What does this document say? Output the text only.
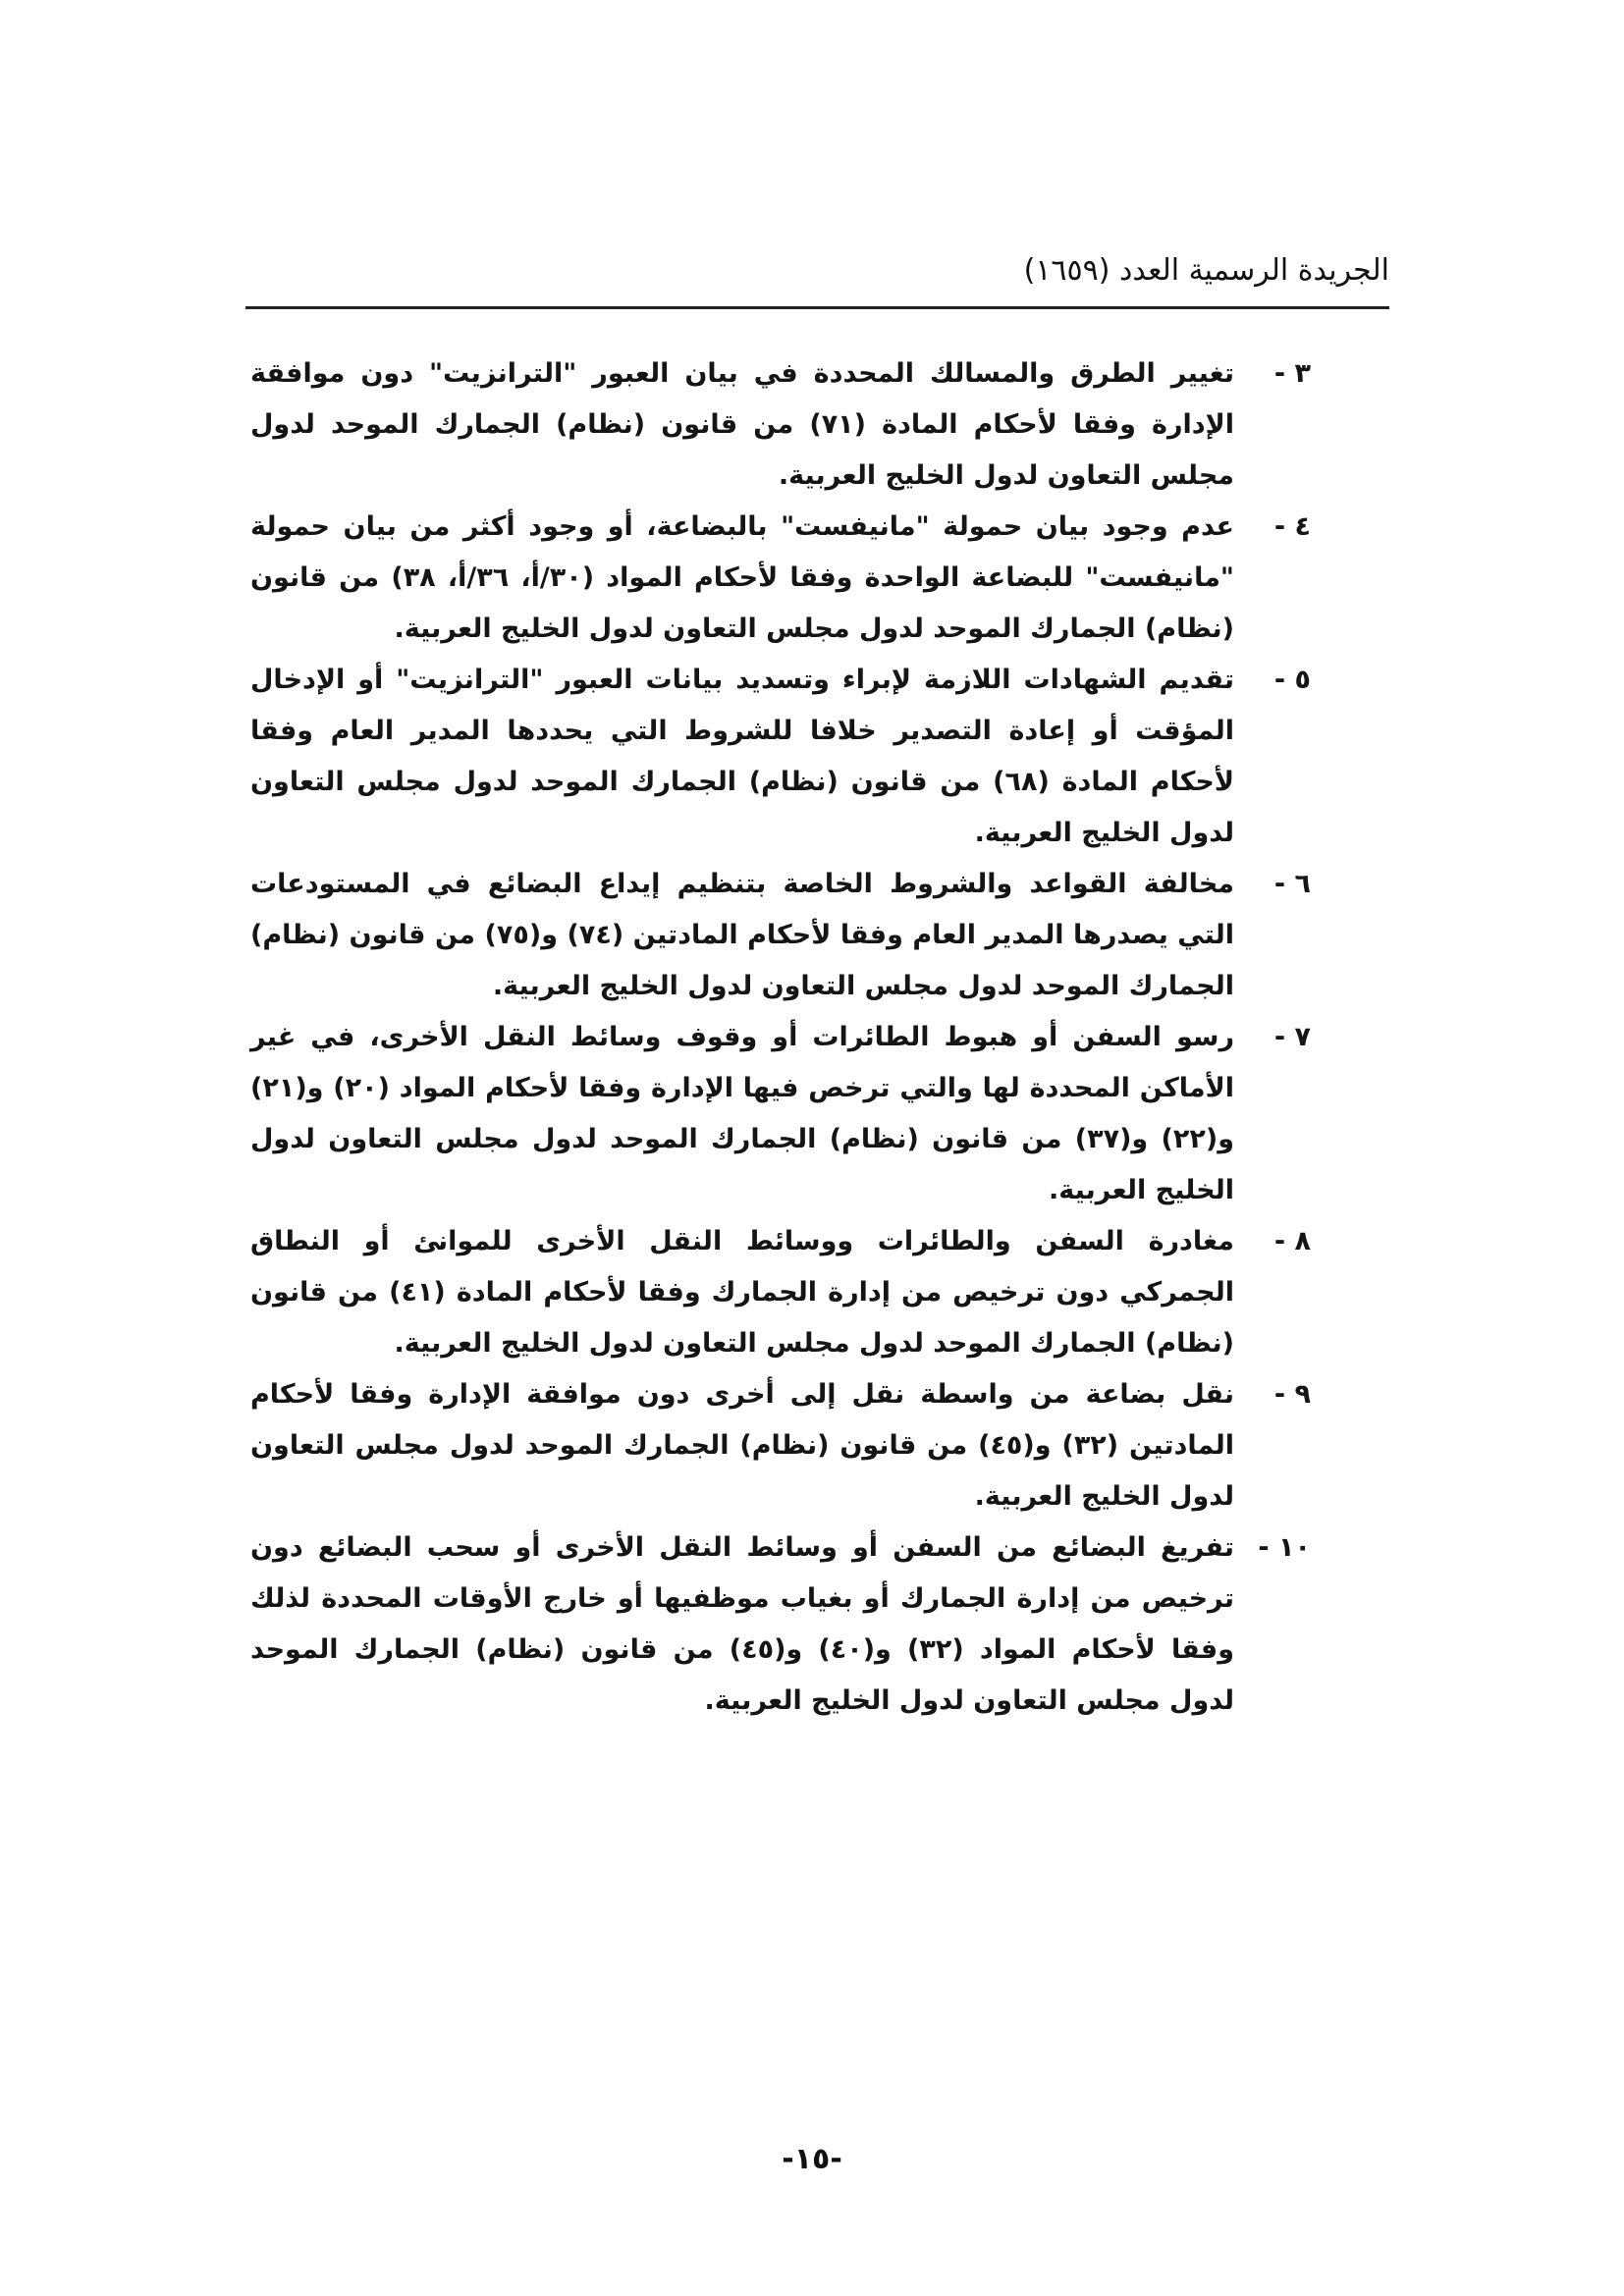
الجريدة الرسمية العدد (١٦٥٩)
٣ -
تغيير الطرق والمسالك المحددة في بيان العبور "الترانزيت" دون موافقة الإدارة وفقا لأحكام المادة (٧١) من قانون (نظام) الجمارك الموحد لدول مجلس التعاون لدول الخليج العربية.
٤ -
عدم وجود بيان حمولة "مانيفست" بالبضاعة، أو وجود أكثر من بيان حمولة "مانيفست" للبضاعة الواحدة وفقا لأحكام المواد (٣٠/أ، ٣٦/أ، ٣٨) من قانون (نظام) الجمارك الموحد لدول مجلس التعاون لدول الخليج العربية.
٥ -
تقديم الشهادات اللازمة لإبراء وتسديد بيانات العبور "الترانزيت" أو الإدخال المؤقت أو إعادة التصدير خلافا للشروط التي يحددها المدير العام وفقا لأحكام المادة (٦٨) من قانون (نظام) الجمارك الموحد لدول مجلس التعاون لدول الخليج العربية.
٦ -
مخالفة القواعد والشروط الخاصة بتنظيم إيداع البضائع في المستودعات التي يصدرها المدير العام وفقا لأحكام المادتين (٧٤) و(٧٥) من قانون (نظام) الجمارك الموحد لدول مجلس التعاون لدول الخليج العربية.
٧ -
رسو السفن أو هبوط الطائرات أو وقوف وسائط النقل الأخرى، في غير الأماكن المحددة لها والتي ترخص فيها الإدارة وفقا لأحكام المواد (٢٠) و(٢١) و(٢٢) و(٣٧) من قانون (نظام) الجمارك الموحد لدول مجلس التعاون لدول الخليج العربية.
٨ -
مغادرة السفن والطائرات ووسائط النقل الأخرى للموانئ أو النطاق الجمركي دون ترخيص من إدارة الجمارك وفقا لأحكام المادة (٤١) من قانون (نظام) الجمارك الموحد لدول مجلس التعاون لدول الخليج العربية.
٩ -
نقل بضاعة من واسطة نقل إلى أخرى دون موافقة الإدارة وفقا لأحكام المادتين (٣٢) و(٤٥) من قانون (نظام) الجمارك الموحد لدول مجلس التعاون لدول الخليج العربية.
١٠ -
تفريغ البضائع من السفن أو وسائط النقل الأخرى أو سحب البضائع دون ترخيص من إدارة الجمارك أو بغياب موظفيها أو خارج الأوقات المحددة لذلك وفقا لأحكام المواد (٣٢) و(٤٠) و(٤٥) من قانون (نظام) الجمارك الموحد لدول مجلس التعاون لدول الخليج العربية.
-١٥-
